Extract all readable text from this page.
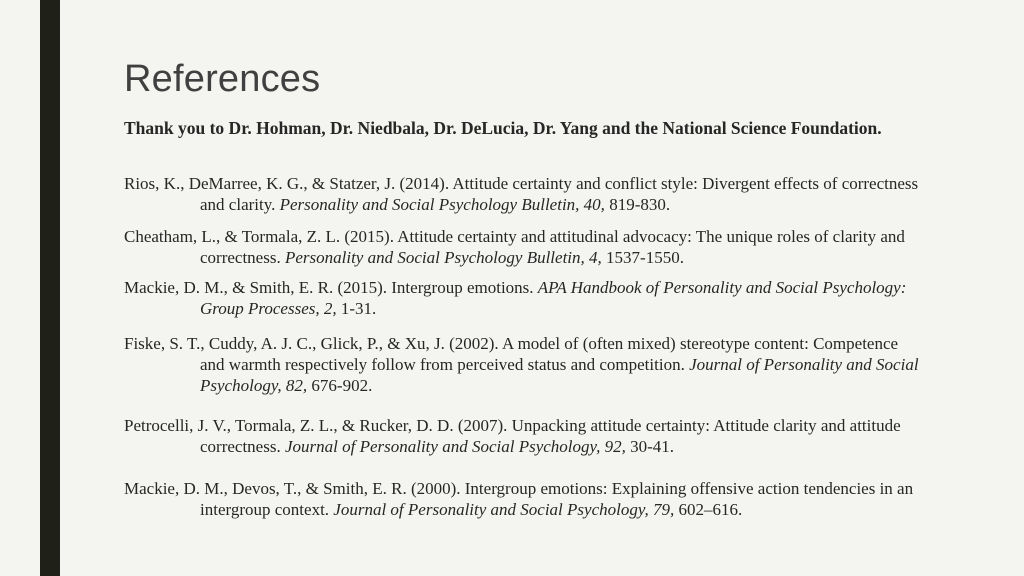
References

Thank you to Dr. Hohman, Dr. Niedbala, Dr. DeLucia, Dr. Yang and the National Science Foundation.

Rios, K., DeMarree, K. G., & Statzer, J. (2014). Attitude certainty and conflict style: Divergent effects of correctness and clarity. Personality and Social Psychology Bulletin, 40, 819-830.

Cheatham, L., & Tormala, Z. L. (2015). Attitude certainty and attitudinal advocacy: The unique roles of clarity and correctness. Personality and Social Psychology Bulletin, 4, 1537-1550.

Mackie, D. M., & Smith, E. R. (2015). Intergroup emotions. APA Handbook of Personality and Social Psychology: Group Processes, 2, 1-31.

Fiske, S. T., Cuddy, A. J. C., Glick, P., & Xu, J. (2002). A model of (often mixed) stereotype content: Competence and warmth respectively follow from perceived status and competition. Journal of Personality and Social Psychology, 82, 676-902.

Petrocelli, J. V., Tormala, Z. L., & Rucker, D. D. (2007). Unpacking attitude certainty: Attitude clarity and attitude correctness. Journal of Personality and Social Psychology, 92, 30-41.

Mackie, D. M., Devos, T., & Smith, E. R. (2000). Intergroup emotions: Explaining offensive action tendencies in an intergroup context. Journal of Personality and Social Psychology, 79, 602–616.
